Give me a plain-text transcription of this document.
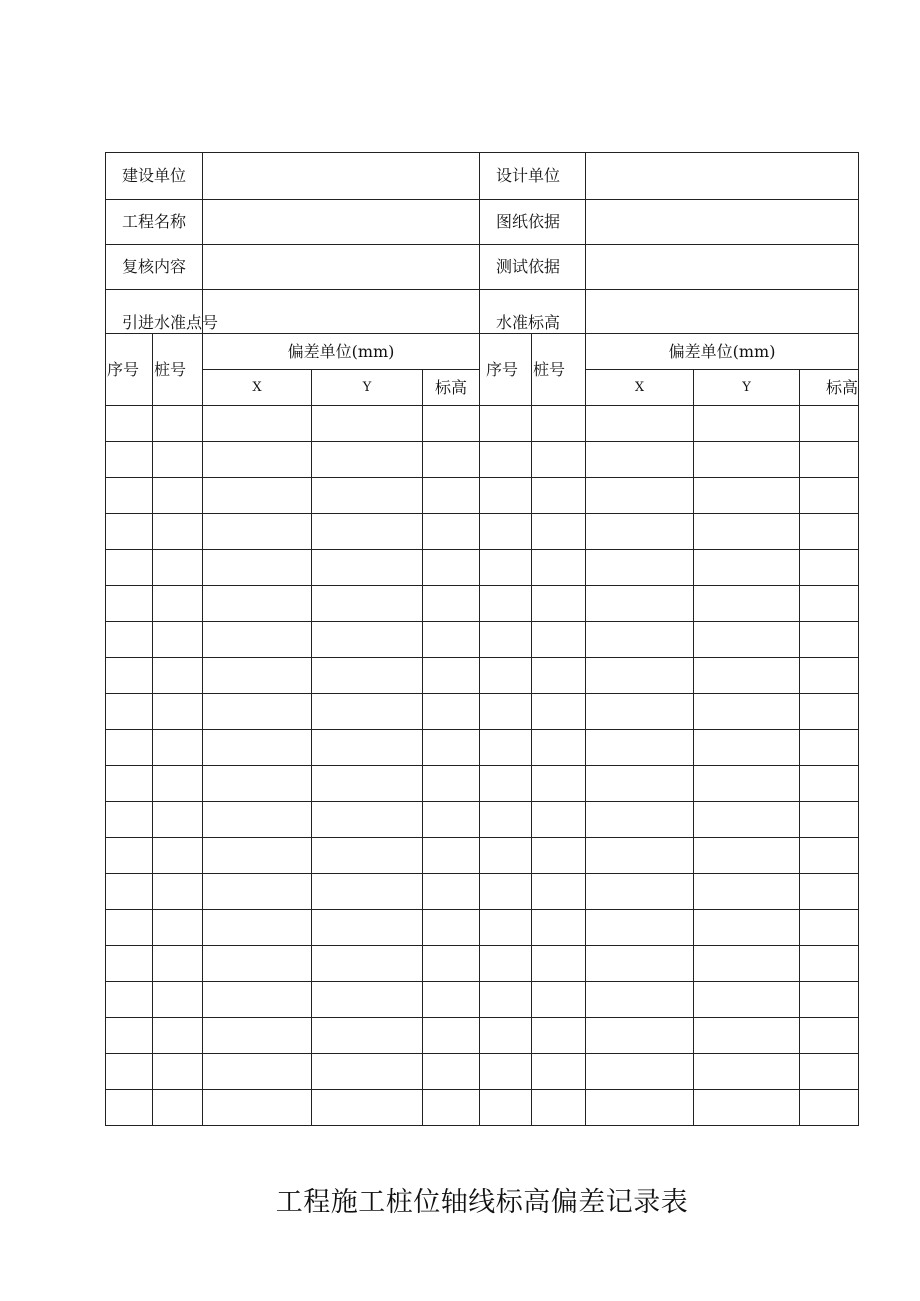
建设单位					设计单位				
工程名称					图纸依据				
复核内容					测试依据				
引进水准点号					水准标高				
序号	桩号	偏差单位(mm)			序号	桩号	偏差单位(mm)		
		X	Y	标高			X	Y	标高

工程施工桩位轴线标高偏差记录表
